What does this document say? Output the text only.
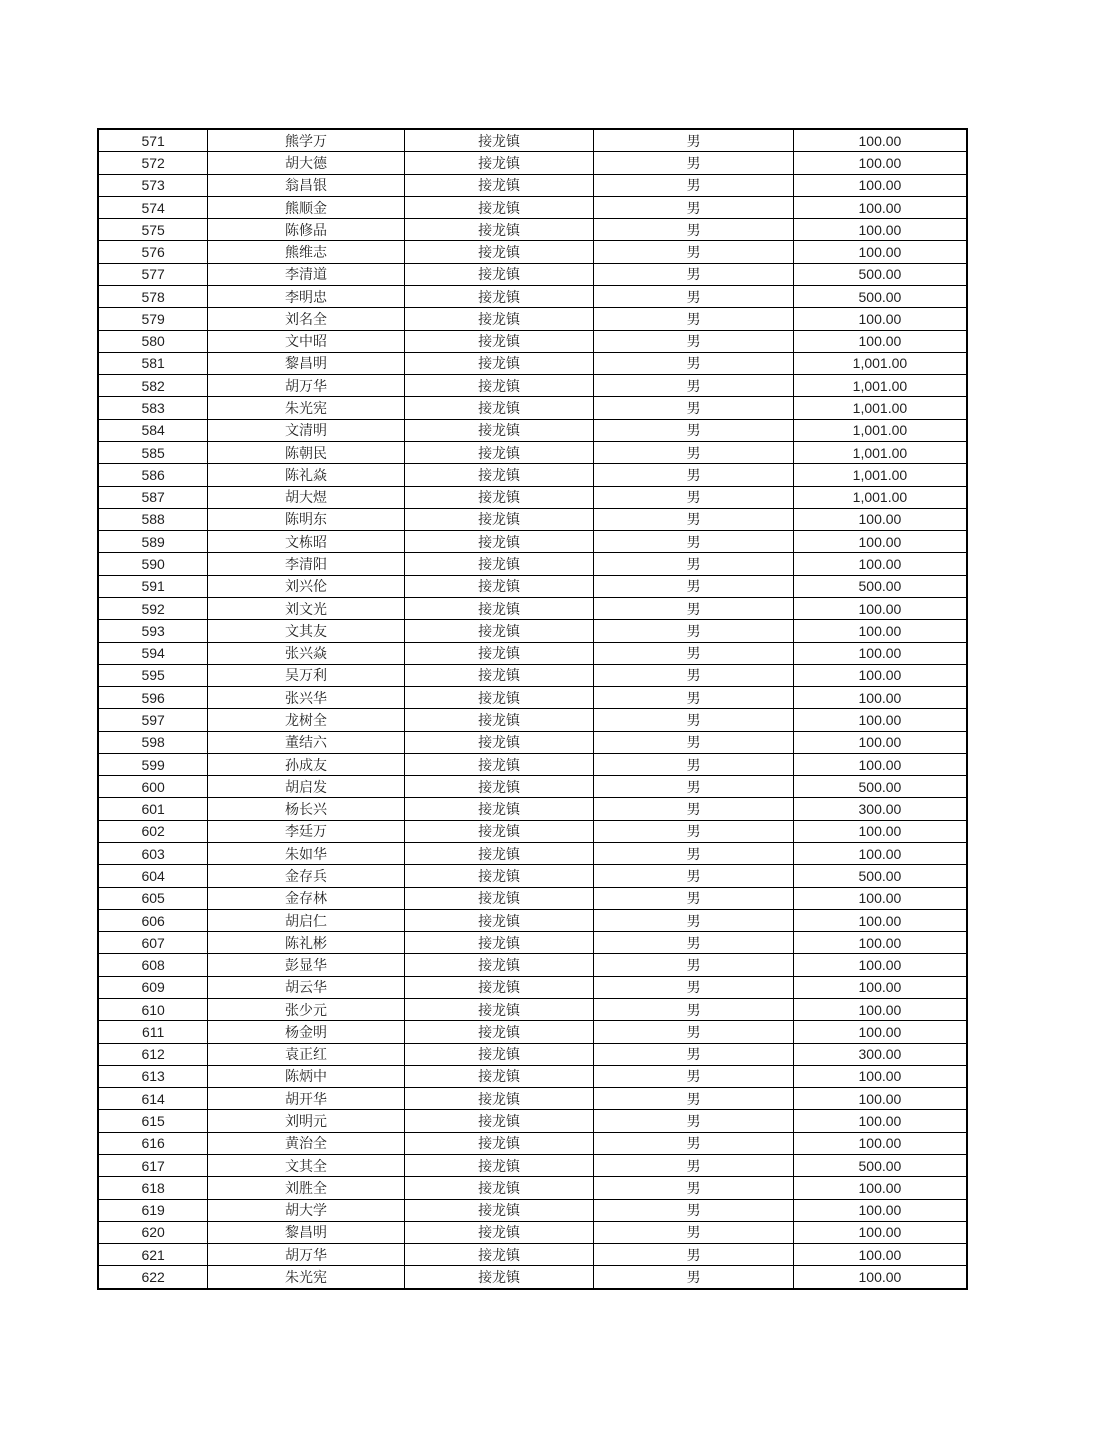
571	熊学万	接龙镇	男	100.00
572	胡大德	接龙镇	男	100.00
573	翁昌银	接龙镇	男	100.00
574	熊顺金	接龙镇	男	100.00
575	陈修品	接龙镇	男	100.00
576	熊维志	接龙镇	男	100.00
577	李清道	接龙镇	男	500.00
578	李明忠	接龙镇	男	500.00
579	刘名全	接龙镇	男	100.00
580	文中昭	接龙镇	男	100.00
581	黎昌明	接龙镇	男	1,001.00
582	胡万华	接龙镇	男	1,001.00
583	朱光宪	接龙镇	男	1,001.00
584	文清明	接龙镇	男	1,001.00
585	陈朝民	接龙镇	男	1,001.00
586	陈礼焱	接龙镇	男	1,001.00
587	胡大煜	接龙镇	男	1,001.00
588	陈明东	接龙镇	男	100.00
589	文栋昭	接龙镇	男	100.00
590	李清阳	接龙镇	男	100.00
591	刘兴伦	接龙镇	男	500.00
592	刘文光	接龙镇	男	100.00
593	文其友	接龙镇	男	100.00
594	张兴焱	接龙镇	男	100.00
595	吴万利	接龙镇	男	100.00
596	张兴华	接龙镇	男	100.00
597	龙树全	接龙镇	男	100.00
598	董结六	接龙镇	男	100.00
599	孙成友	接龙镇	男	100.00
600	胡启发	接龙镇	男	500.00
601	杨长兴	接龙镇	男	300.00
602	李廷万	接龙镇	男	100.00
603	朱如华	接龙镇	男	100.00
604	金存兵	接龙镇	男	500.00
605	金存林	接龙镇	男	100.00
606	胡启仁	接龙镇	男	100.00
607	陈礼彬	接龙镇	男	100.00
608	彭显华	接龙镇	男	100.00
609	胡云华	接龙镇	男	100.00
610	张少元	接龙镇	男	100.00
611	杨金明	接龙镇	男	100.00
612	袁正红	接龙镇	男	300.00
613	陈炳中	接龙镇	男	100.00
614	胡开华	接龙镇	男	100.00
615	刘明元	接龙镇	男	100.00
616	黄治全	接龙镇	男	100.00
617	文其全	接龙镇	男	500.00
618	刘胜全	接龙镇	男	100.00
619	胡大学	接龙镇	男	100.00
620	黎昌明	接龙镇	男	100.00
621	胡万华	接龙镇	男	100.00
622	朱光宪	接龙镇	男	100.00
